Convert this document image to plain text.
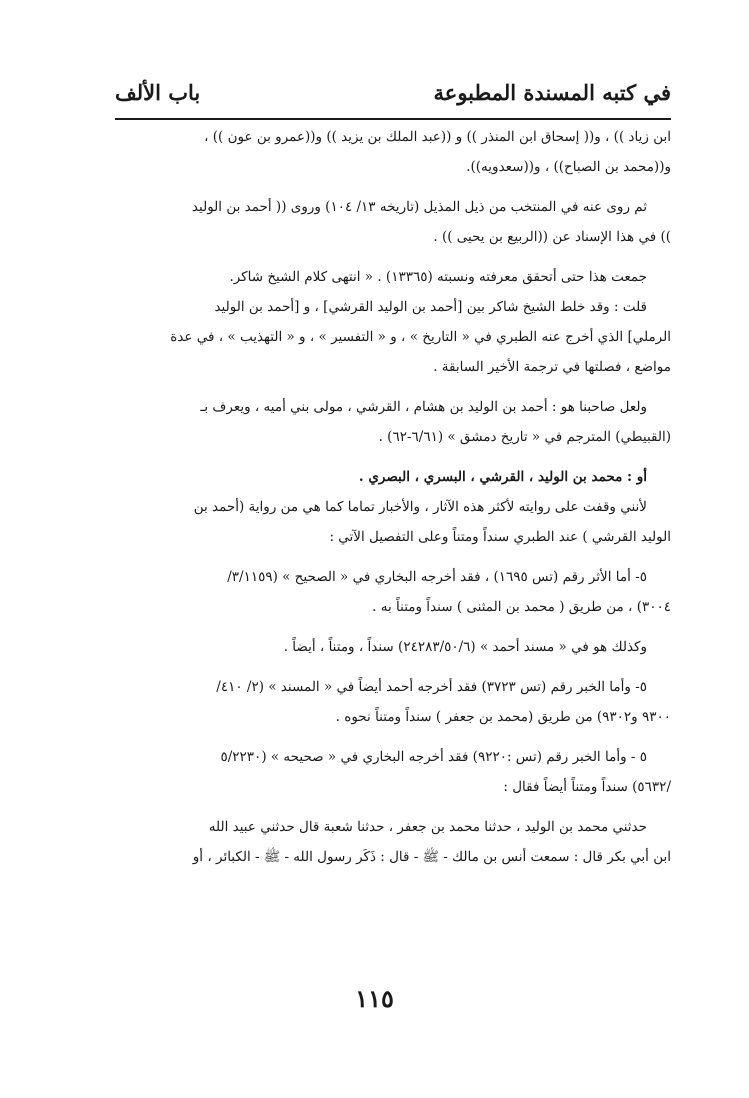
في كتبه المسندة المطبوعة
باب الألف
ابن زياد )) ، و(( إسحاق ابن المنذر )) و ((عبد الملك بن يزيد )) و((عمرو بن عون )) ،
و((محمد بن الصباح)) ، و((سعدويه)).
ثم روى عنه في المنتخب من ذيل المذيل (تاريخه ١٣/ ١٠٤) وروى (( أحمد بن الوليد
)) في هذا الإسناد عن ((الربيع بن يحيى )) .
جمعت هذا حتى أتحقق معرفته ونسبته (١٣٣٦٥) . « انتهى كلام الشيخ شاكر.
قلت : وقد خلط الشيخ شاكر بين [أحمد بن الوليد القرشي] ، و [أحمد بن الوليد
الرملي] الذي أخرج عنه الطبري في « التاريخ » ، و « التفسير » ، و « التهذيب » ، في عدة
مواضع ، فصلتها في ترجمة الأخير السابقة .
ولعل صاحبنا هو : أحمد بن الوليد بن هشام ، القرشي ، مولى بني أميه ، ويعرف بـ
(القبيطي) المترجم في « تاريخ دمشق » (٦/٦١-٦٢) .
أو : محمد بن الوليد ، القرشي ، البسري ، البصري .
لأنني وقفت على روايته لأكثر هذه الآثار ، والأخبار تماما كما هي من رواية (أحمد بن
الوليد القرشي ) عند الطبري سنداً ومتناً وعلى التفصيل الآتي :
٥- أما الأثر رقم (تس ١٦٩٥) ، فقد أخرجه البخاري في « الصحيح » (٣/١١٥٩/
٣٠٠٤) ، من طريق ( محمد بن المثنى ) سنداً ومتناً به .
وكذلك هو في « مسند أحمد » (٢٤٢٨٣/٥٠/٦) سنداً ، ومتناً ، أيضاً .
٥- وأما الخبر رقم (تس ٣٧٢٣) فقد أخرجه أحمد أيضاً في « المسند » (٢/ ٤١٠/
٩٣٠٠ و٩٣٠٢) من طريق (محمد بن جعفر ) سنداً ومتناً نحوه .
٥ - وأما الخبر رقم (تس :٩٢٢٠) فقد أخرجه البخاري في « صحيحه » (٥/٢٢٣٠
/٥٦٣٢) سنداً ومتناً أيضاً فقال :
حدثني محمد بن الوليد ، حدثنا محمد بن جعفر ، حدثنا شعبة قال حدثني عبيد الله
ابن أبي بكر قال : سمعت أنس بن مالك - ﷺ - قال : ذَكَر رسول الله - ﷺ - الكبائر ، أو
١١٥
